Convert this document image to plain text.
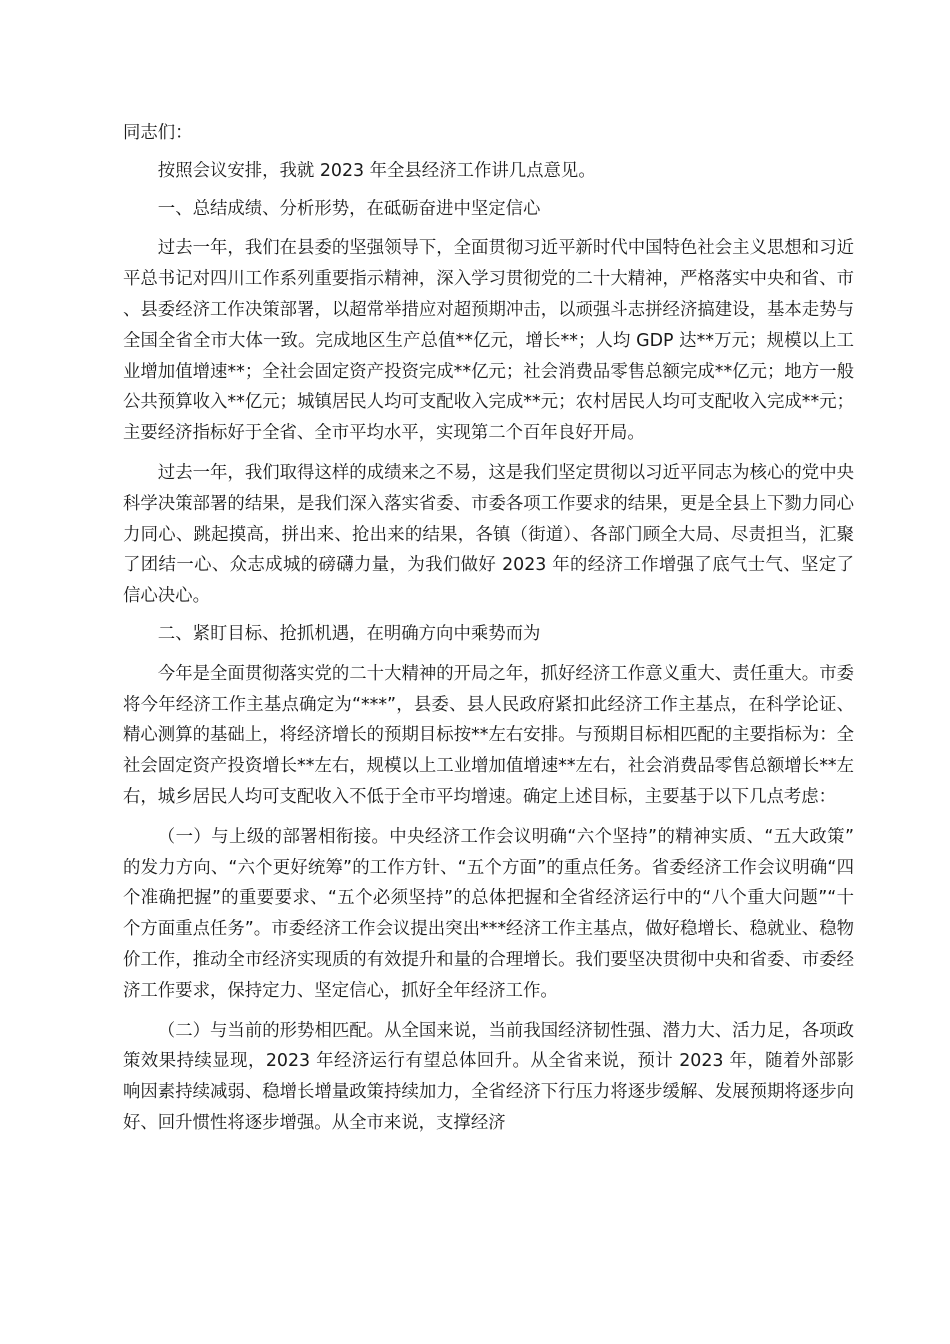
同志们：

按照会议安排，我就 2023 年全县经济工作讲几点意见。

一、总结成绩、分析形势，在砥砺奋进中坚定信心

过去一年，我们在县委的坚强领导下，全面贯彻习近平新时代中国特色社会主义思想和习近平总书记对四川工作系列重要指示精神，深入学习贯彻党的二十大精神，严格落实中央和省、市、县委经济工作决策部署，以超常举措应对超预期冲击，以顽强斗志拼经济搞建设，基本走势与全国全省全市大体一致。完成地区生产总值**亿元，增长**；人均 GDP 达**万元；规模以上工业增加值增速**；全社会固定资产投资完成**亿元；社会消费品零售总额完成**亿元；地方一般公共预算收入**亿元；城镇居民人均可支配收入完成**元；农村居民人均可支配收入完成**元；主要经济指标好于全省、全市平均水平，实现第二个百年良好开局。

过去一年，我们取得这样的成绩来之不易，这是我们坚定贯彻以习近平同志为核心的党中央科学决策部署的结果，是我们深入落实省委、市委各项工作要求的结果，更是全县上下勠力同心力同心、跳起摸高，拼出来、抢出来的结果，各镇（街道）、各部门顾全大局、尽责担当，汇聚了团结一心、众志成城的磅礴力量，为我们做好 2023 年的经济工作增强了底气士气、坚定了信心决心。

二、紧盯目标、抢抓机遇，在明确方向中乘势而为

今年是全面贯彻落实党的二十大精神的开局之年，抓好经济工作意义重大、责任重大。市委将今年经济工作主基点确定为“***”，县委、县人民政府紧扣此经济工作主基点，在科学论证、精心测算的基础上，将经济增长的预期目标按**左右安排。与预期目标相匹配的主要指标为：全社会固定资产投资增长**左右，规模以上工业增加值增速**左右，社会消费品零售总额增长**左右，城乡居民人均可支配收入不低于全市平均增速。确定上述目标，主要基于以下几点考虑：

（一）与上级的部署相衔接。中央经济工作会议明确“六个坚持”的精神实质、“五大政策”的发力方向、“六个更好统筹”的工作方针、“五个方面”的重点任务。省委经济工作会议明确“四个准确把握”的重要要求、“五个必须坚持”的总体把握和全省经济运行中的“八个重大问题”“十个方面重点任务”。市委经济工作会议提出突出***经济工作主基点，做好稳增长、稳就业、稳物价工作，推动全市经济实现质的有效提升和量的合理增长。我们要坚决贯彻中央和省委、市委经济工作要求，保持定力、坚定信心，抓好全年经济工作。

（二）与当前的形势相匹配。从全国来说，当前我国经济韧性强、潜力大、活力足，各项政策效果持续显现，2023 年经济运行有望总体回升。从全省来说，预计 2023 年，随着外部影响因素持续减弱、稳增长增量政策持续加力，全省经济下行压力将逐步缓解、发展预期将逐步向好、回升惯性将逐步增强。从全市来说，支撑经济
